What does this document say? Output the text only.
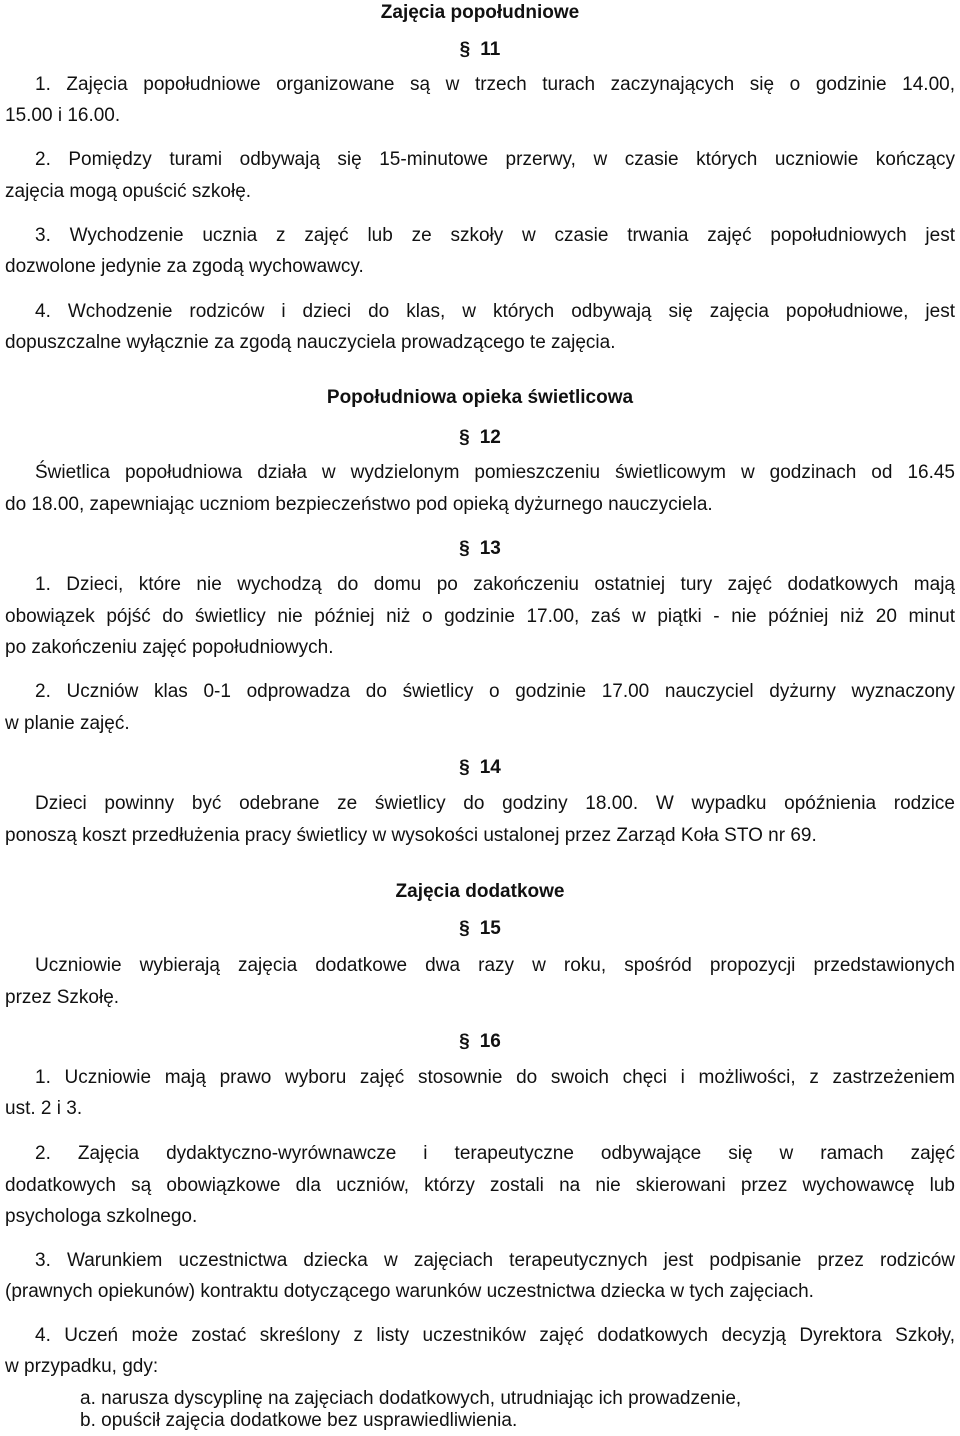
Zajęcia popołudniowe
§ 11
1. Zajęcia popołudniowe organizowane są w trzech turach zaczynających się o godzinie 14.00,
15.00 i 16.00.
2. Pomiędzy turami odbywają się 15-minutowe przerwy, w czasie których uczniowie kończący
zajęcia mogą opuścić szkołę.
3. Wychodzenie ucznia z zajęć lub ze szkoły w czasie trwania zajęć popołudniowych jest
dozwolone jedynie za zgodą wychowawcy.
4. Wchodzenie rodziców i dzieci do klas, w których odbywają się zajęcia popołudniowe, jest
dopuszczalne wyłącznie za zgodą nauczyciela prowadzącego te zajęcia.
Popołudniowa opieka świetlicowa
§ 12
Świetlica popołudniowa działa w wydzielonym pomieszczeniu świetlicowym w godzinach od 16.45
do 18.00, zapewniając uczniom bezpieczeństwo pod opieką dyżurnego nauczyciela.
§ 13
1. Dzieci, które nie wychodzą do domu po zakończeniu ostatniej tury zajęć dodatkowych mają
obowiązek pójść do świetlicy nie później niż o godzinie 17.00, zaś w piątki - nie później niż 20 minut
po zakończeniu zajęć popołudniowych.
2. Uczniów klas 0-1 odprowadza do świetlicy o godzinie 17.00 nauczyciel dyżurny wyznaczony
w planie zajęć.
§ 14
Dzieci powinny być odebrane ze świetlicy do godziny 18.00. W wypadku opóźnienia rodzice
ponoszą koszt przedłużenia pracy świetlicy w wysokości ustalonej przez Zarząd Koła STO nr 69.
Zajęcia dodatkowe
§ 15
Uczniowie wybierają zajęcia dodatkowe dwa razy w roku, spośród propozycji przedstawionych
przez Szkołę.
§ 16
1. Uczniowie mają prawo wyboru zajęć stosownie do swoich chęci i możliwości, z zastrzeżeniem
ust. 2 i 3.
2. Zajęcia dydaktyczno-wyrównawcze i terapeutyczne odbywające się w ramach zajęć
dodatkowych są obowiązkowe dla uczniów, którzy zostali na nie skierowani przez wychowawcę lub
psychologa szkolnego.
3. Warunkiem uczestnictwa dziecka w zajęciach terapeutycznych jest podpisanie przez rodziców
(prawnych opiekunów) kontraktu dotyczącego warunków uczestnictwa dziecka w tych zajęciach.
4. Uczeń może zostać skreślony z listy uczestników zajęć dodatkowych decyzją Dyrektora Szkoły,
w przypadku, gdy:
a. narusza dyscyplinę na zajęciach dodatkowych, utrudniając ich prowadzenie,
b. opuścił zajęcia dodatkowe bez usprawiedliwienia.
